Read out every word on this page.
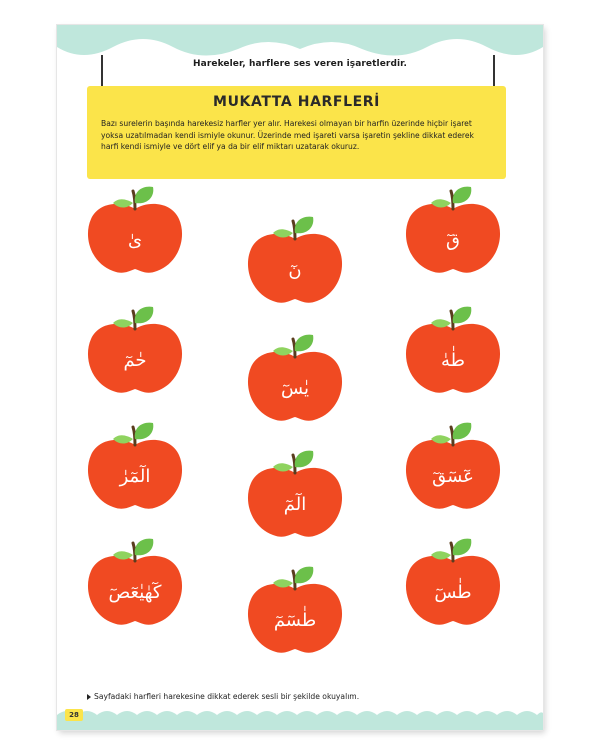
Harekeler, harflere ses veren işaretlerdir.
MUKATTA HARFLERİ
Bazı surelerin başında harekesiz harfler yer alır. Harekesi olmayan bir harfin üzerinde hiçbir işaret yoksa uzatılmadan kendi ismiyle okunur. Üzerinde med işareti varsa işaretin şekline dikkat ederek harfi kendi ismiyle ve dört elif ya da bir elif miktarı uzatarak okuruz.
ىٰ
حٰمٓ
الٓمٓرٰ
كٓهٰيٰعٓصٓ
نٓ
يٰسٓ
الٓمٓ
طٰسٓمٓ
قٓ
طٰهٰ
عٓسٓقٓ
طٰسٓ
Sayfadaki harfleri harekesine dikkat ederek sesli bir şekilde okuyalım.
28
